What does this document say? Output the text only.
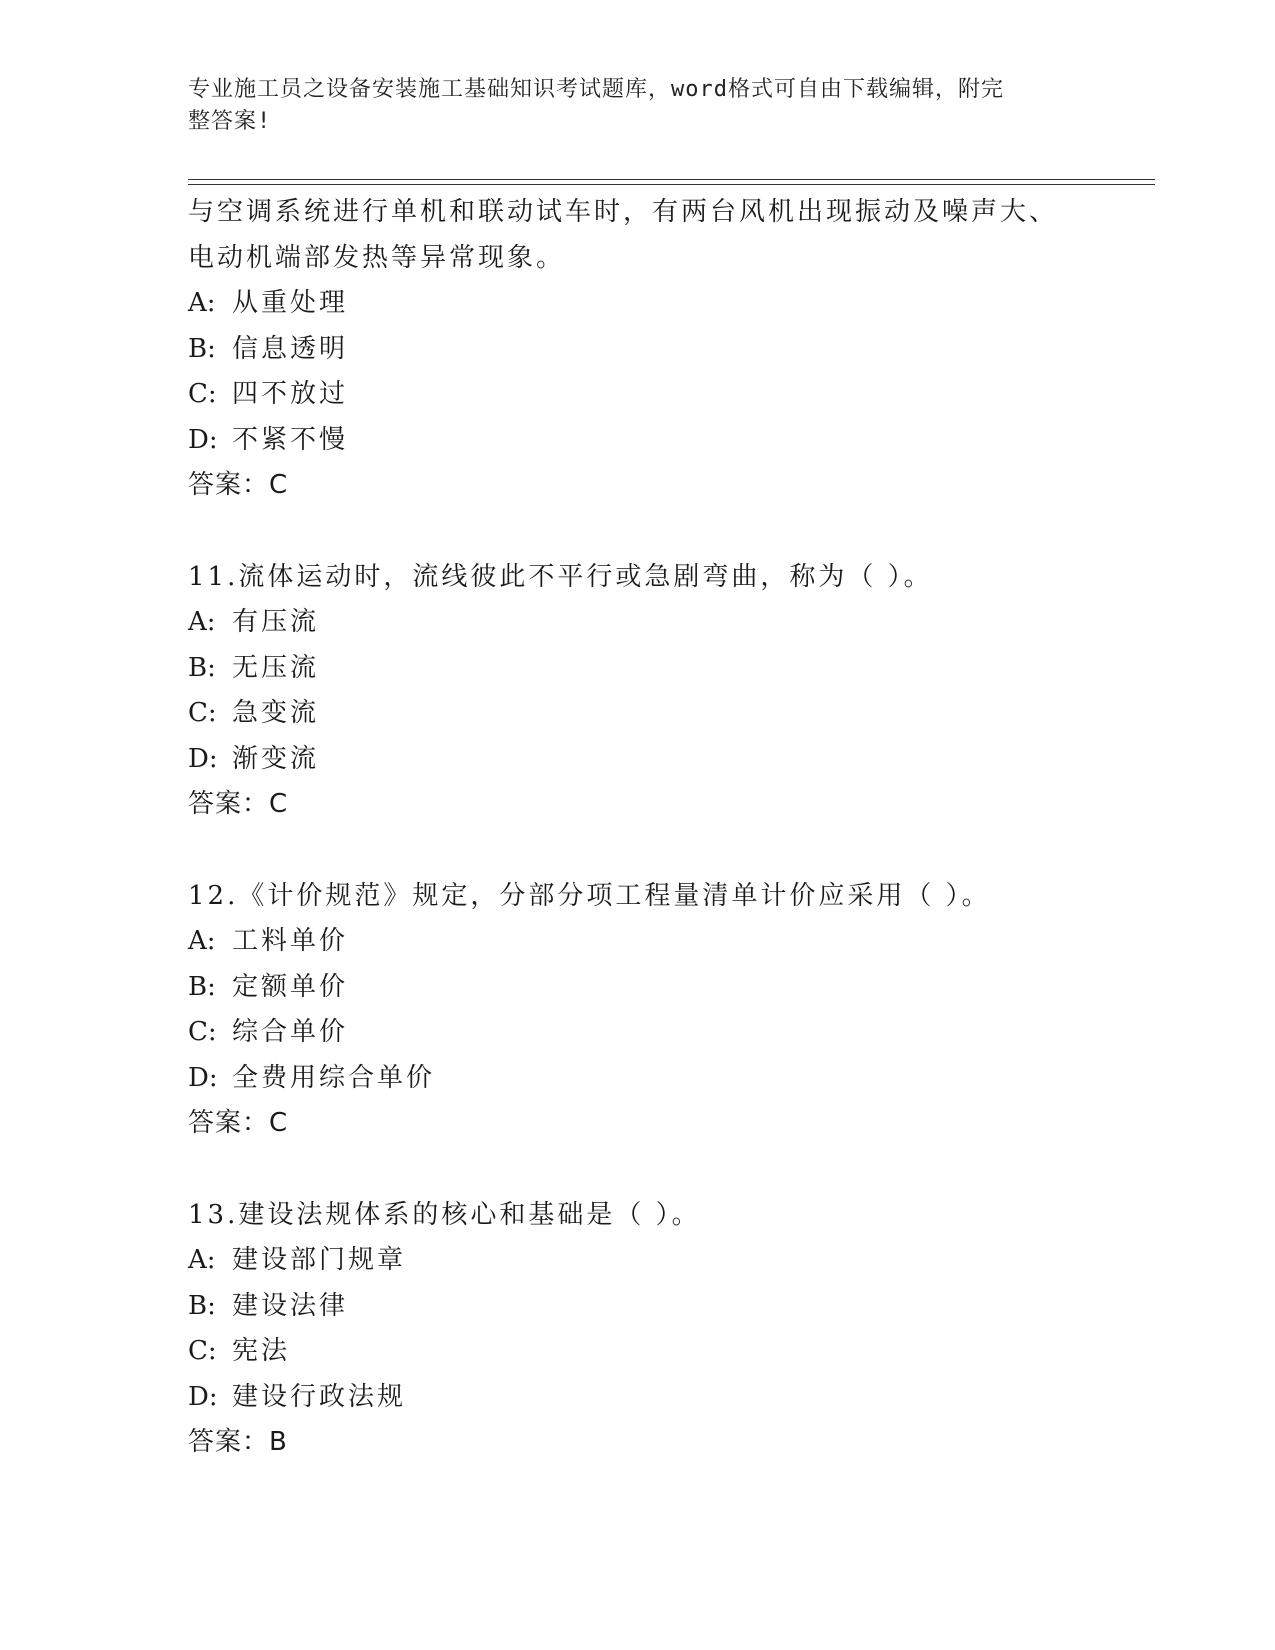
专业施工员之设备安装施工基础知识考试题库，word格式可自由下载编辑，附完
整答案!
与空调系统进行单机和联动试车时，有两台风机出现振动及噪声大、
电动机端部发热等异常现象。
A: 从重处理
B: 信息透明
C: 四不放过
D: 不紧不慢
答案：C
11.流体运动时，流线彼此不平行或急剧弯曲，称为（ ）。
A: 有压流
B: 无压流
C: 急变流
D: 渐变流
答案：C
12.《计价规范》规定，分部分项工程量清单计价应采用（ ）。
A: 工料单价
B: 定额单价
C: 综合单价
D: 全费用综合单价
答案：C
13.建设法规体系的核心和基础是（ ）。
A: 建设部门规章
B: 建设法律
C: 宪法
D: 建设行政法规
答案：B
